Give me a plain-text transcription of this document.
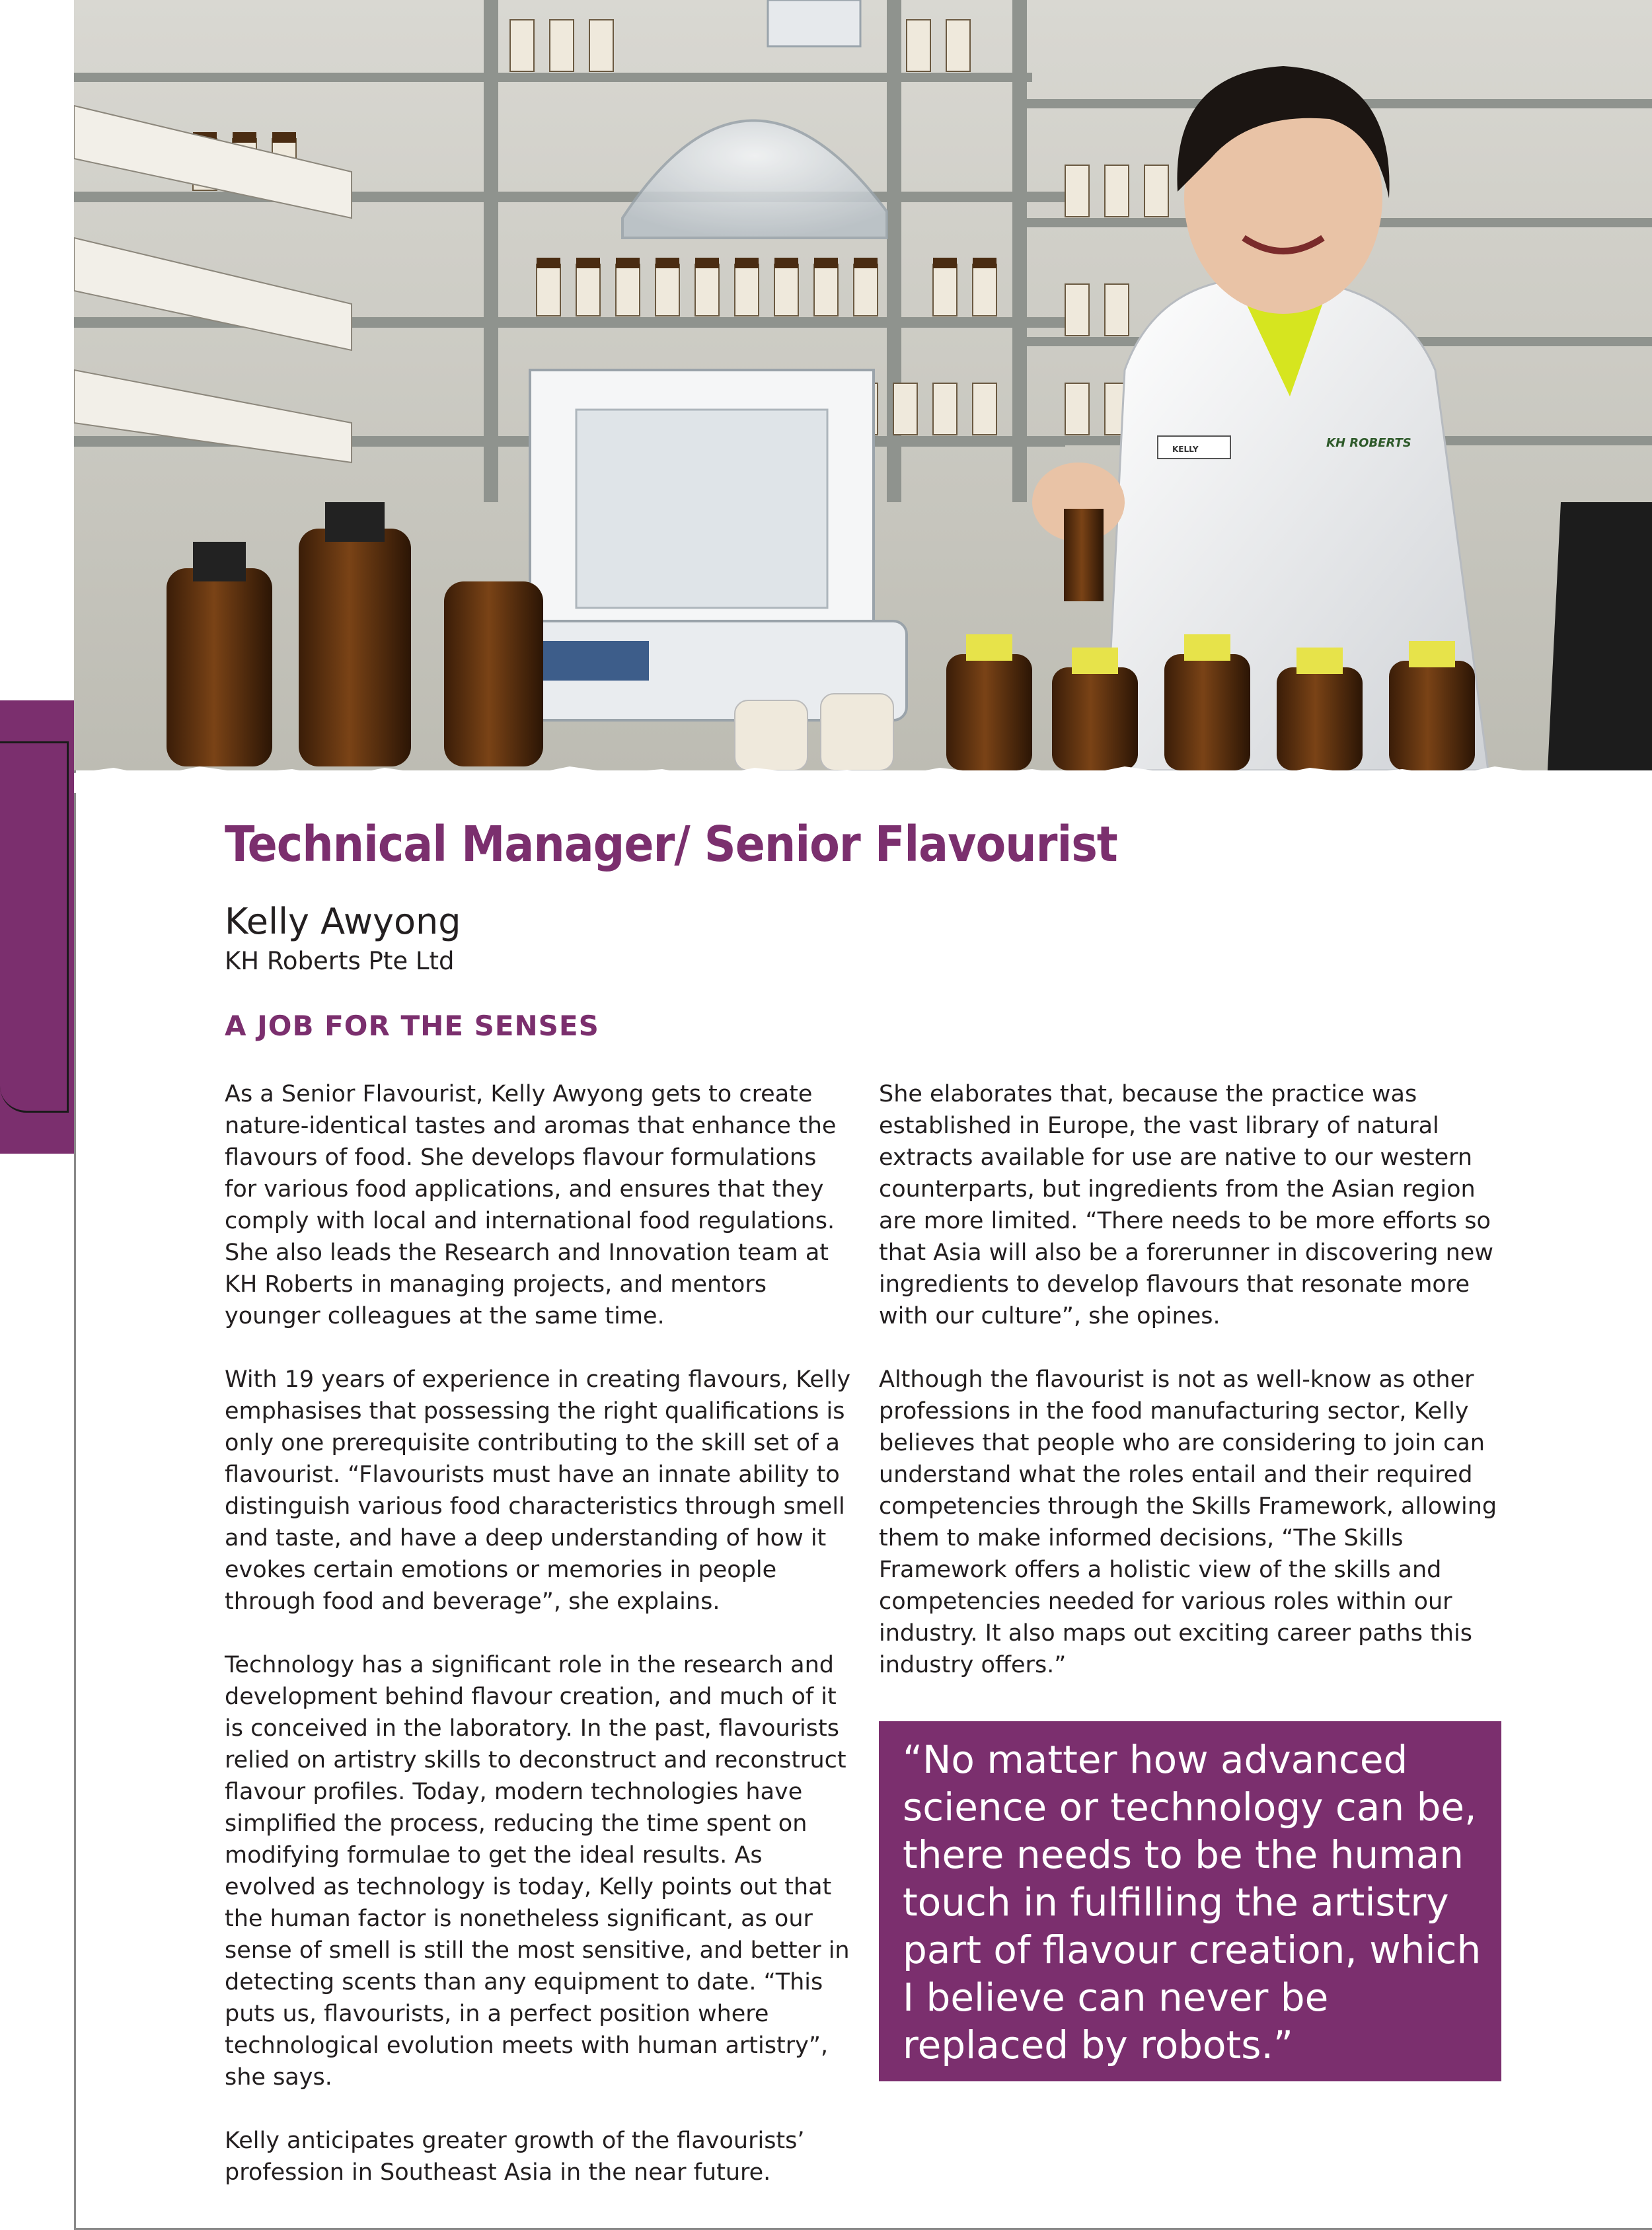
KELLY	KH ROBERTS
Technical Manager/ Senior Flavourist
Kelly Awyong
KH Roberts Pte Ltd
A JOB FOR THE SENSES

As a Senior Flavourist, Kelly Awyong gets to create nature-identical tastes and aromas that enhance the flavours of food. She develops flavour formulations for various food applications, and ensures that they comply with local and international food regulations. She also leads the Research and Innovation team at KH Roberts in managing projects, and mentors younger colleagues at the same time.

With 19 years of experience in creating flavours, Kelly emphasises that possessing the right qualifications is only one prerequisite contributing to the skill set of a flavourist. “Flavourists must have an innate ability to distinguish various food characteristics through smell and taste, and have a deep understanding of how it evokes certain emotions or memories in people through food and beverage”, she explains.

Technology has a significant role in the research and development behind flavour creation, and much of it is conceived in the laboratory. In the past, flavourists relied on artistry skills to deconstruct and reconstruct flavour profiles. Today, modern technologies have simplified the process, reducing the time spent on modifying formulae to get the ideal results. As evolved as technology is today, Kelly points out that the human factor is nonetheless significant, as our sense of smell is still the most sensitive, and better in detecting scents than any equipment to date. “This puts us, flavourists, in a perfect position where technological evolution meets with human artistry”, she says.

Kelly anticipates greater growth of the flavourists’ profession in Southeast Asia in the near future.

She elaborates that, because the practice was established in Europe, the vast library of natural extracts available for use are native to our western counterparts, but ingredients from the Asian region are more limited. “There needs to be more efforts so that Asia will also be a forerunner in discovering new ingredients to develop flavours that resonate more with our culture”, she opines.

Although the flavourist is not as well-know as other professions in the food manufacturing sector, Kelly believes that people who are considering to join can understand what the roles entail and their required competencies through the Skills Framework, allowing them to make informed decisions, “The Skills Framework offers a holistic view of the skills and competencies needed for various roles within our industry. It also maps out exciting career paths this industry offers.”

“No matter how advanced science or technology can be, there needs to be the human touch in fulfilling the artistry part of flavour creation, which I believe can never be replaced by robots.”
